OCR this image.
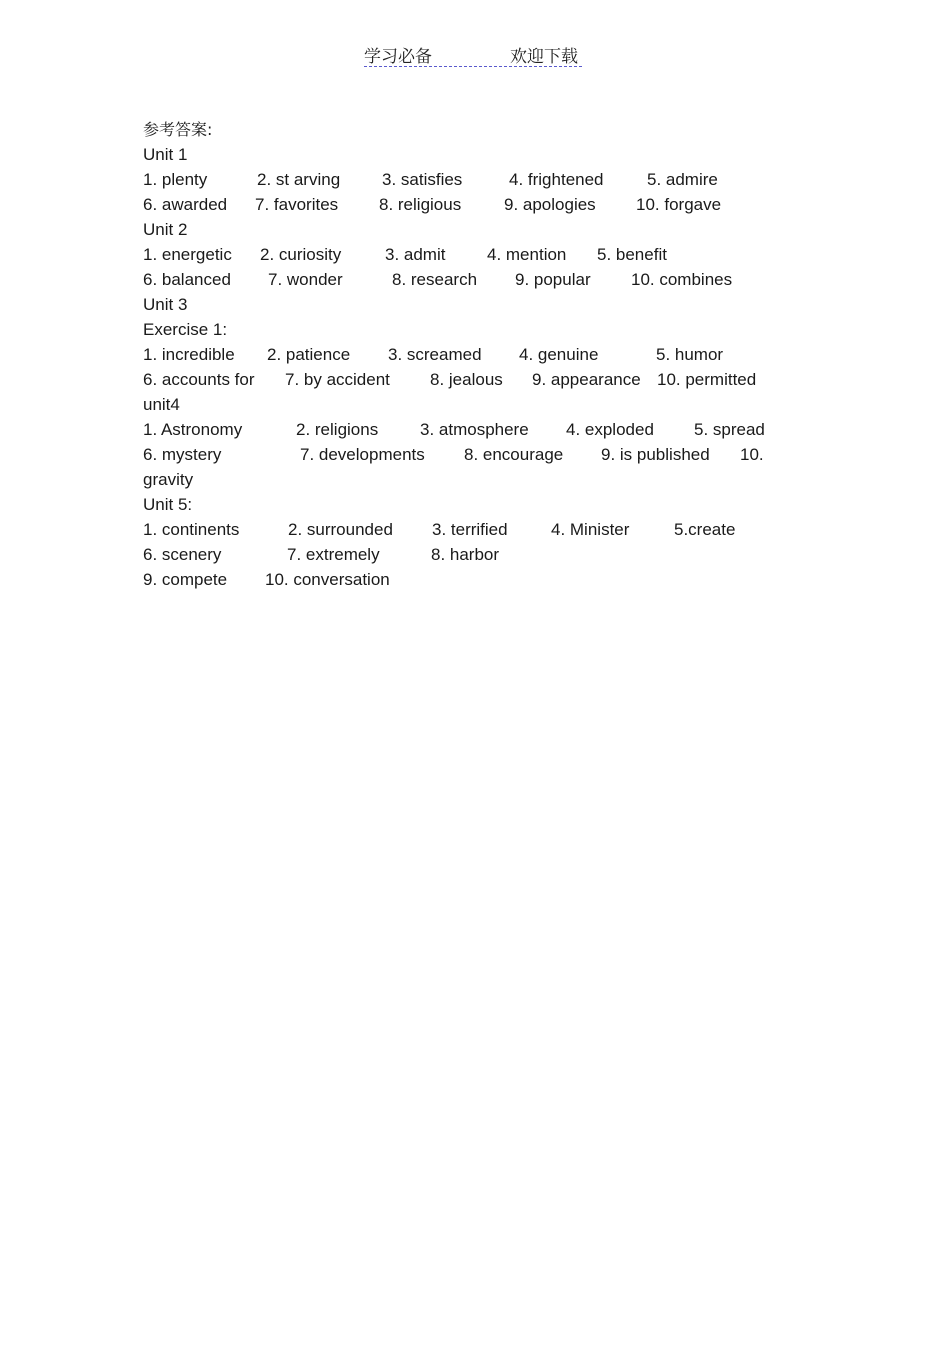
学习必备	欢迎下载
参考答案:
Unit 1
1. plenty	2. st arving 3. satisfies	4. frightened	5. admire
6. awarded 7. favorites 8. religious	9. apologies 10. forgave
Unit 2
1. energetic 2. curiosity	3. admit 4. mention 5. benefit
6. balanced 7. wonder	8. research 9. popular 10. combines
Unit 3
Exercise 1:
1. incredible 2. patience 3. screamed 4. genuine	5. humor
6. accounts for 7. by accident 8. jealous 9. appearance 10. permitted
unit4
1. Astronomy	2. religions 3. atmosphere 4. exploded 5. spread
6. mystery	7. developments 8. encourage 9. is published 10.
gravity
Unit 5:
1. continents	2. surrounded 3. terrified	4. Minister	5.create
6. scenery	7. extremely	8. harbor
9. compete 10. conversation
